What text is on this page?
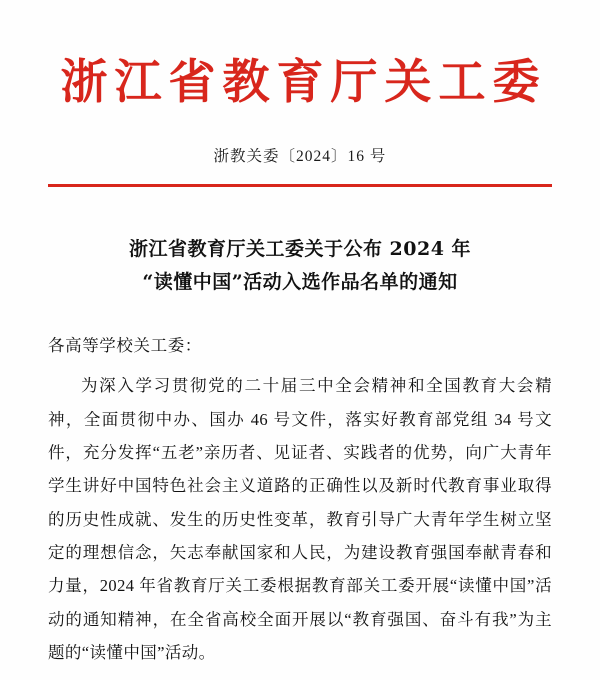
浙江省教育厅关工委
浙教关委〔2024〕16 号
浙江省教育厅关工委关于公布 2024 年
“读懂中国”活动入选作品名单的通知
各高等学校关工委：
为深入学习贯彻党的二十届三中全会精神和全国教育大会精神，全面贯彻中办、国办 46 号文件，落实好教育部党组 34 号文件，充分发挥“五老”亲历者、见证者、实践者的优势，向广大青年学生讲好中国特色社会主义道路的正确性以及新时代教育事业取得的历史性成就、发生的历史性变革，教育引导广大青年学生树立坚定的理想信念，矢志奉献国家和人民，为建设教育强国奉献青春和力量，2024 年省教育厅关工委根据教育部关工委开展“读懂中国”活动的通知精神，在全省高校全面开展以“教育强国、奋斗有我”为主题的“读懂中国”活动。
